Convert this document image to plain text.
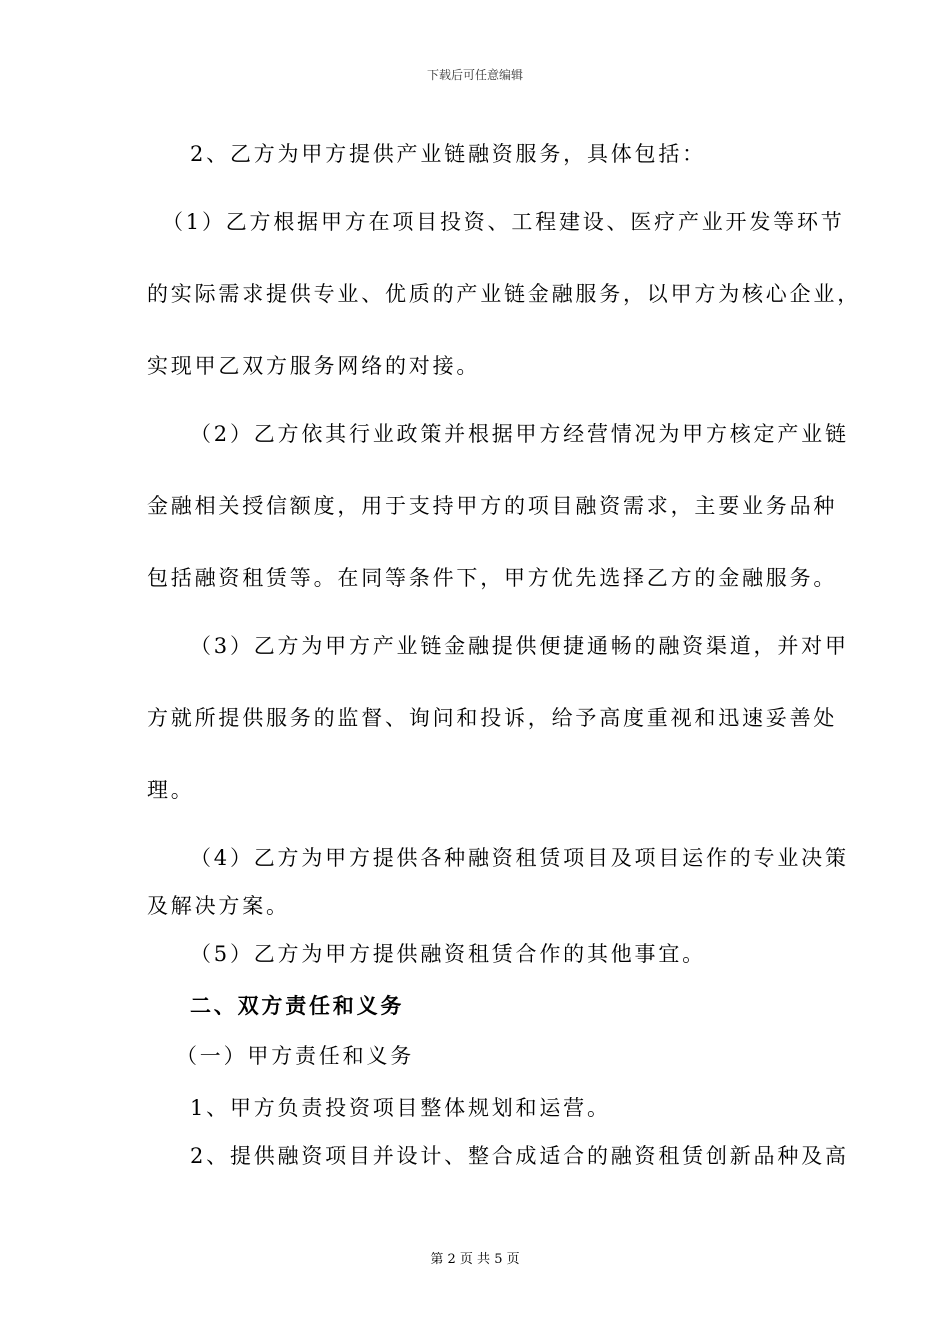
下载后可任意编辑
2、乙方为甲方提供产业链融资服务，具体包括：
（1）乙方根据甲方在项目投资、工程建设、医疗产业开发等环节
的实际需求提供专业、优质的产业链金融服务，以甲方为核心企业，
实现甲乙双方服务网络的对接。
（2）乙方依其行业政策并根据甲方经营情况为甲方核定产业链
金融相关授信额度，用于支持甲方的项目融资需求，主要业务品种
包括融资租赁等。在同等条件下，甲方优先选择乙方的金融服务。
（3）乙方为甲方产业链金融提供便捷通畅的融资渠道，并对甲
方就所提供服务的监督、询问和投诉，给予高度重视和迅速妥善处
理。
（4）乙方为甲方提供各种融资租赁项目及项目运作的专业决策
及解决方案。
（5）乙方为甲方提供融资租赁合作的其他事宜。
二、双方责任和义务
（一）甲方责任和义务
1、甲方负责投资项目整体规划和运营。
2、提供融资项目并设计、整合成适合的融资租赁创新品种及高
第 2 页 共 5 页
